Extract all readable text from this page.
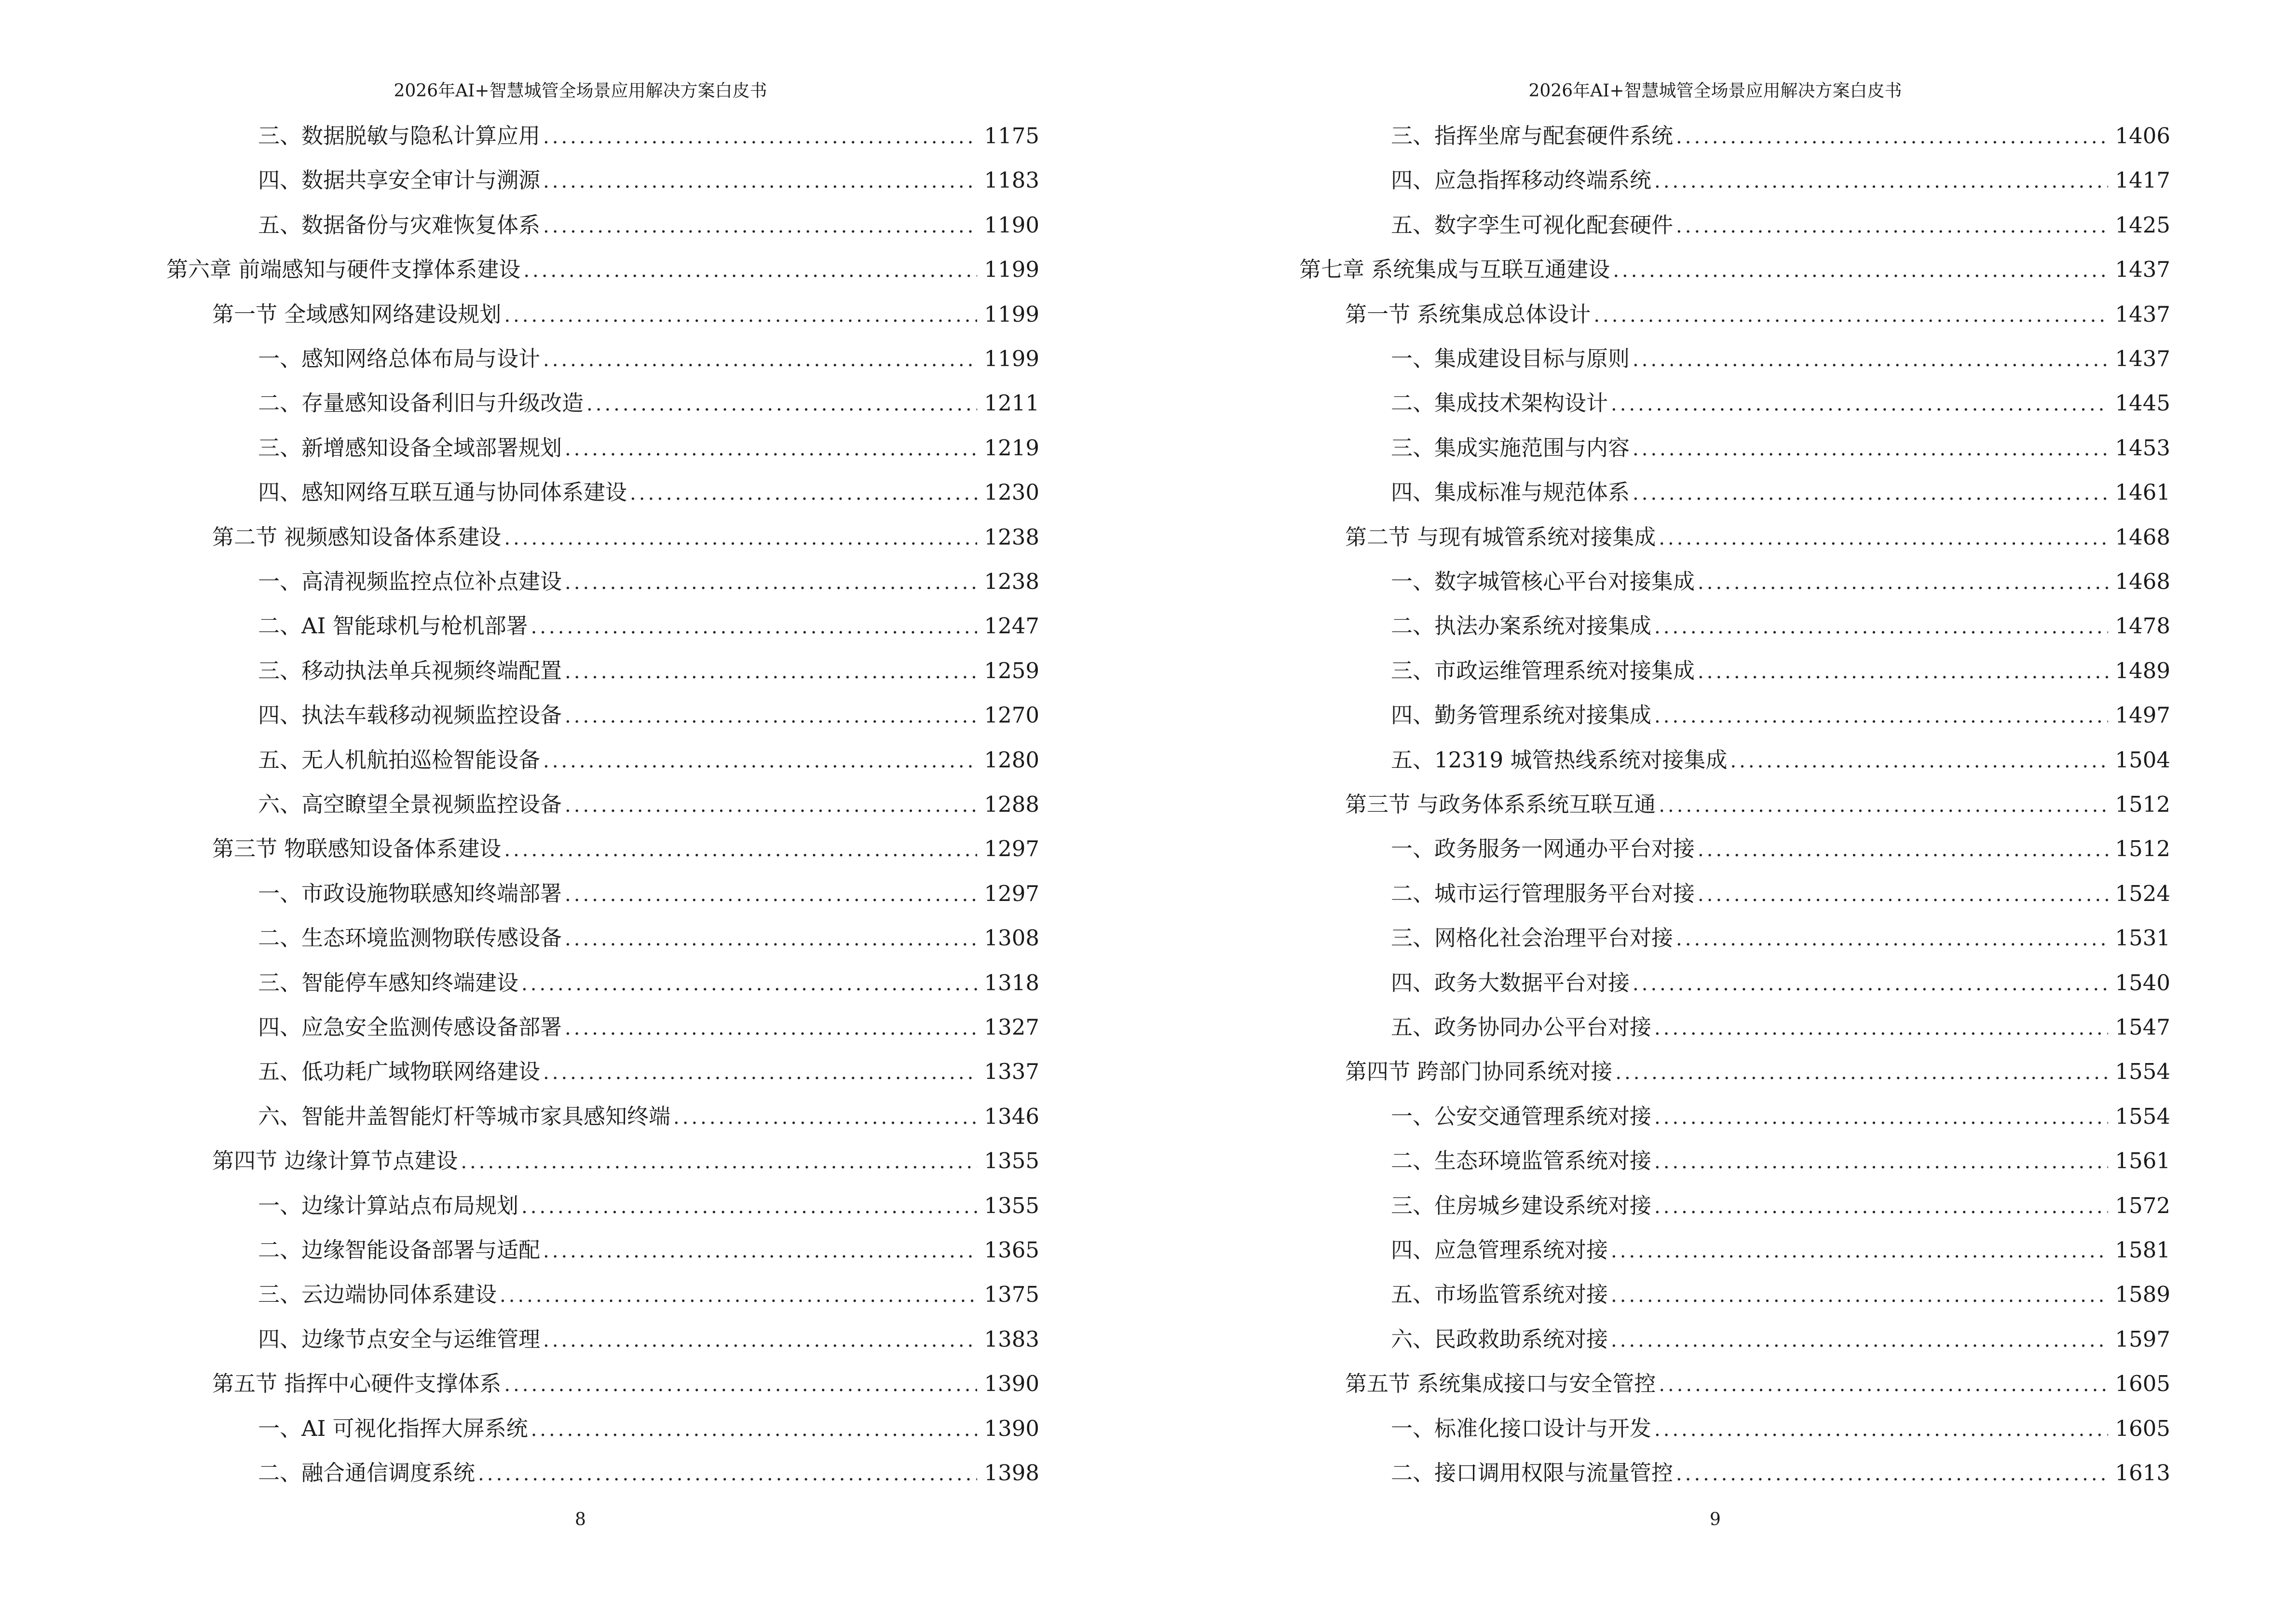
2026年AI+智慧城管全场景应用解决方案白皮书
三、数据脱敏与隐私计算应用 .....	1175
四、数据共享安全审计与溯源 .....	1183
五、数据备份与灾难恢复体系 .....	1190
第六章 前端感知与硬件支撑体系建设 .....	1199
第一节 全域感知网络建设规划 .....	1199
一、感知网络总体布局与设计 .....	1199
二、存量感知设备利旧与升级改造 .....	1211
三、新增感知设备全域部署规划 .....	1219
四、感知网络互联互通与协同体系建设 .....	1230
第二节 视频感知设备体系建设 .....	1238
一、高清视频监控点位补点建设 .....	1238
二、AI 智能球机与枪机部署 .....	1247
三、移动执法单兵视频终端配置 .....	1259
四、执法车载移动视频监控设备 .....	1270
五、无人机航拍巡检智能设备 .....	1280
六、高空瞭望全景视频监控设备 .....	1288
第三节 物联感知设备体系建设 .....	1297
一、市政设施物联感知终端部署 .....	1297
二、生态环境监测物联传感设备 .....	1308
三、智能停车感知终端建设 .....	1318
四、应急安全监测传感设备部署 .....	1327
五、低功耗广域物联网络建设 .....	1337
六、智能井盖智能灯杆等城市家具感知终端 .....	1346
第四节 边缘计算节点建设 .....	1355
一、边缘计算站点布局规划 .....	1355
二、边缘智能设备部署与适配 .....	1365
三、云边端协同体系建设 .....	1375
四、边缘节点安全与运维管理 .....	1383
第五节 指挥中心硬件支撑体系 .....	1390
一、AI 可视化指挥大屏系统 .....	1390
二、融合通信调度系统 .....	1398
8
2026年AI+智慧城管全场景应用解决方案白皮书
三、指挥坐席与配套硬件系统 .....	1406
四、应急指挥移动终端系统 .....	1417
五、数字孪生可视化配套硬件 .....	1425
第七章 系统集成与互联互通建设 .....	1437
第一节 系统集成总体设计 .....	1437
一、集成建设目标与原则 .....	1437
二、集成技术架构设计 .....	1445
三、集成实施范围与内容 .....	1453
四、集成标准与规范体系 .....	1461
第二节 与现有城管系统对接集成 .....	1468
一、数字城管核心平台对接集成 .....	1468
二、执法办案系统对接集成 .....	1478
三、市政运维管理系统对接集成 .....	1489
四、勤务管理系统对接集成 .....	1497
五、12319 城管热线系统对接集成 .....	1504
第三节 与政务体系系统互联互通 .....	1512
一、政务服务一网通办平台对接 .....	1512
二、城市运行管理服务平台对接 .....	1524
三、网格化社会治理平台对接 .....	1531
四、政务大数据平台对接 .....	1540
五、政务协同办公平台对接 .....	1547
第四节 跨部门协同系统对接 .....	1554
一、公安交通管理系统对接 .....	1554
二、生态环境监管系统对接 .....	1561
三、住房城乡建设系统对接 .....	1572
四、应急管理系统对接 .....	1581
五、市场监管系统对接 .....	1589
六、民政救助系统对接 .....	1597
第五节 系统集成接口与安全管控 .....	1605
一、标准化接口设计与开发 .....	1605
二、接口调用权限与流量管控 .....	1613
9
